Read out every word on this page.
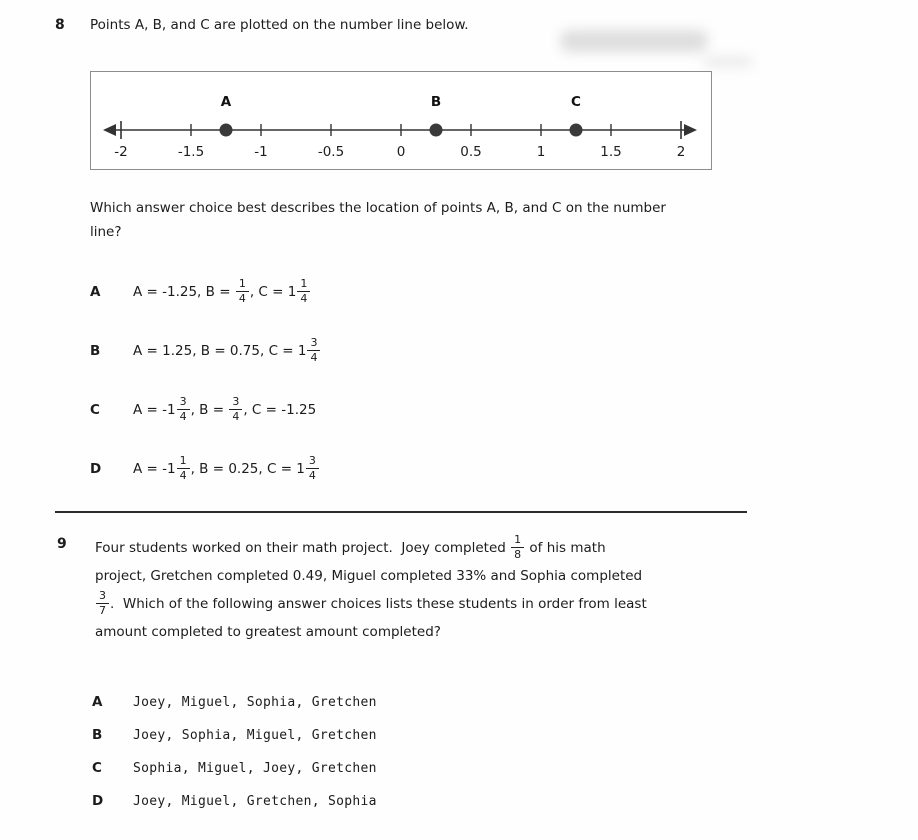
8 Points A, B, and C are plotted on the number line below.
-2	-1.5	-1	-0.5	0	0.5	1	1.5	2
A	B	C
Which answer choice best describes the location of points A, B, and C on the number line?
A	A = -1.25, $B = \frac{1}{4}$ , $C = 1 \frac{1}{4}$
B	A = 1.25, B = 0.75, $C = 1 \frac{3}{4}$
C	$A = -1 \frac{3}{4}$ , $B = \frac{3}{4}$ , C = -1.25
D	$A = -1 \frac{1}{4}$ , B = 0.25, $C = 1 \frac{3}{4}$
9 Four students worked on their math project.  Joey completed $\frac{1}{8}$ of his math
project, Gretchen completed 0.49, Miguel completed 33% and Sophia completed
$\frac{3}{7}$ .  Which of the following answer choices lists these students in order from least
amount completed to greatest amount completed?
A	Joey, Miguel, Sophia, Gretchen
B	Joey, Sophia, Miguel, Gretchen
C	Sophia, Miguel, Joey, Gretchen
D	Joey, Miguel, Gretchen, Sophia
